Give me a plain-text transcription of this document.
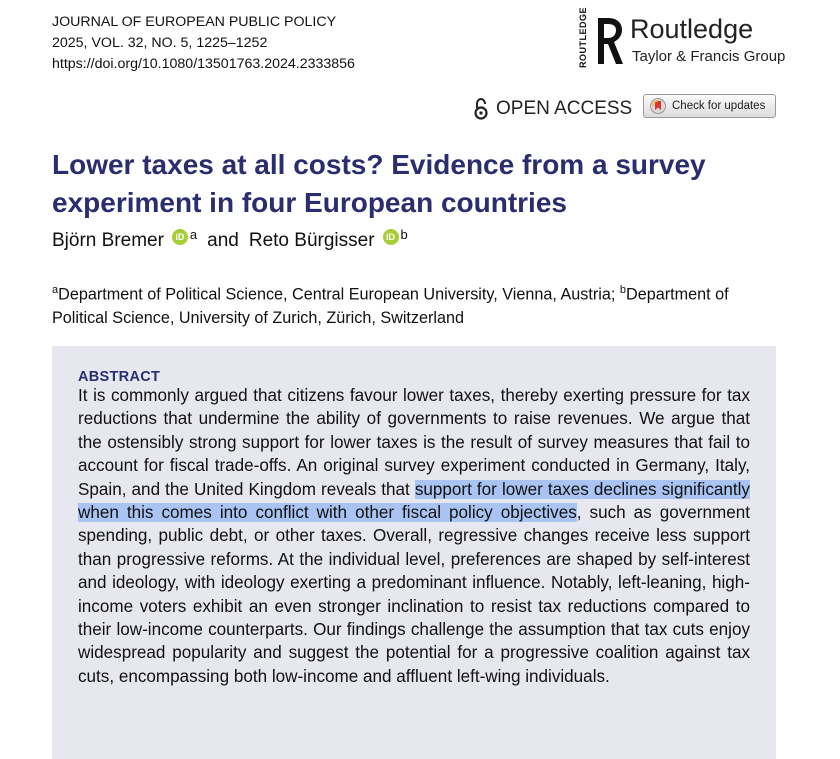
JOURNAL OF EUROPEAN PUBLIC POLICY
2025, VOL. 32, NO. 5, 1225–1252
https://doi.org/10.1080/13501763.2024.2333856	ROUTLEDGE Routledge
Taylor & Francis Group
OPEN ACCESS	Check for updates
Lower taxes at all costs? Evidence from a survey experiment in four European countries
Björn Bremer	iD a and Reto Bürgisser	iD b
$^a$Department of Political Science, Central European University, Vienna, Austria; $^b$Department of Political Science, University of Zurich, Zürich, Switzerland
ABSTRACT

It is commonly argued that citizens favour lower taxes, thereby exerting pressure for tax reductions that undermine the ability of governments to raise revenues. We argue that the ostensibly strong support for lower taxes is the result of survey measures that fail to account for fiscal trade-offs. An original survey experiment conducted in Germany, Italy, Spain, and the United Kingdom reveals that support for lower taxes declines significantly when this comes into conflict with other fiscal policy objectives, such as government spending, public debt, or other taxes. Overall, regressive changes receive less support than progressive reforms. At the individual level, preferences are shaped by self-interest and ideology, with ideology exerting a predominant influence. Notably, left-leaning, high-income voters exhibit an even stronger inclination to resist tax reductions compared to their low-income counterparts. Our findings challenge the assumption that tax cuts enjoy widespread popularity and suggest the potential for a progressive coalition against tax cuts, encompassing both low-income and affluent left-wing individuals.
